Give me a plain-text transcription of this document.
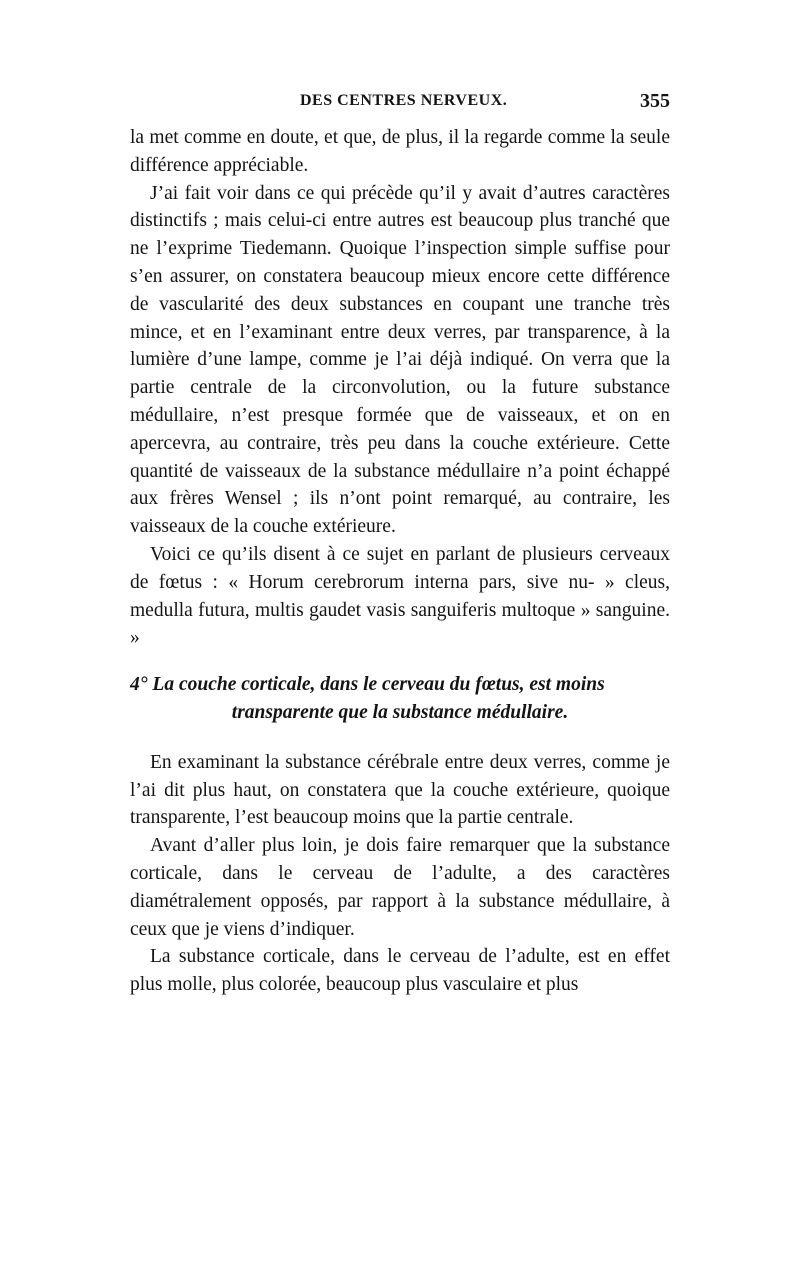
DES CENTRES NERVEUX.	355

la met comme en doute, et que, de plus, il la regarde comme la seule différence appréciable.

J’ai fait voir dans ce qui précède qu’il y avait d’autres caractères distinctifs ; mais celui-ci entre autres est beaucoup plus tranché que ne l’exprime Tiedemann. Quoique l’inspection simple suffise pour s’en assurer, on constatera beaucoup mieux encore cette différence de vascularité des deux substances en coupant une tranche très mince, et en l’examinant entre deux verres, par transparence, à la lumière d’une lampe, comme je l’ai déjà indiqué. On verra que la partie centrale de la circonvolution, ou la future substance médullaire, n’est presque formée que de vaisseaux, et on en apercevra, au contraire, très peu dans la couche extérieure. Cette quantité de vaisseaux de la substance médullaire n’a point échappé aux frères Wensel ; ils n’ont point remarqué, au contraire, les vaisseaux de la couche extérieure.

Voici ce qu’ils disent à ce sujet en parlant de plusieurs cerveaux de fœtus : « Horum cerebrorum interna pars, sive nu- » cleus, medulla futura, multis gaudet vasis sanguiferis multoque » sanguine. »

4° La couche corticale, dans le cerveau du fœtus, est moins
transparente que la substance médullaire.

En examinant la substance cérébrale entre deux verres, comme je l’ai dit plus haut, on constatera que la couche extérieure, quoique transparente, l’est beaucoup moins que la partie centrale.

Avant d’aller plus loin, je dois faire remarquer que la substance corticale, dans le cerveau de l’adulte, a des caractères diamétralement opposés, par rapport à la substance médullaire, à ceux que je viens d’indiquer.

La substance corticale, dans le cerveau de l’adulte, est en effet plus molle, plus colorée, beaucoup plus vasculaire et plus
